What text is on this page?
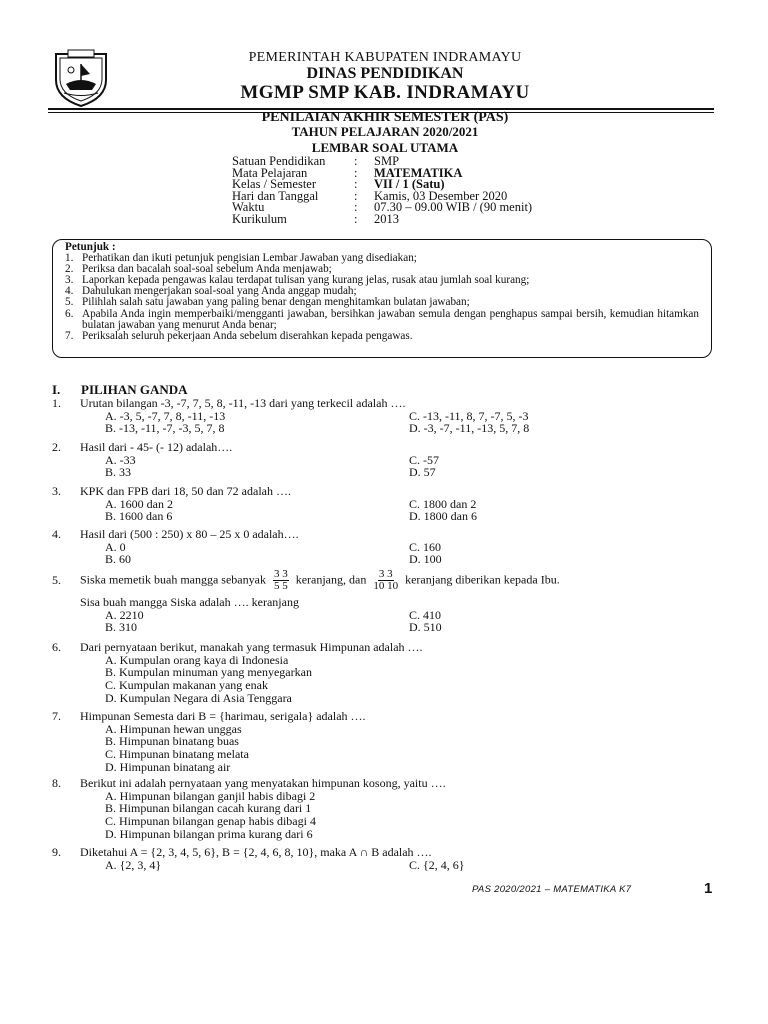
PEMERINTAH KABUPATEN INDRAMAYU
DINAS PENDIDIKAN
MGMP SMP KAB. INDRAMAYU
PENILAIAN AKHIR SEMESTER (PAS)
TAHUN PELAJARAN 2020/2021
LEMBAR SOAL UTAMA
Satuan Pendidikan	:	SMP
Mata Pelajaran	:	MATEMATIKA
Kelas / Semester	:	VII / 1 (Satu)
Hari dan Tanggal	:	Kamis, 03 Desember 2020
Waktu	:	07.30 – 09.00 WIB / (90 menit)
Kurikulum	:	2013
Petunjuk :
1. Perhatikan dan ikuti petunjuk pengisian Lembar Jawaban yang disediakan;
2. Periksa dan bacalah soal-soal sebelum Anda menjawab;
3. Laporkan kepada pengawas kalau terdapat tulisan yang kurang jelas, rusak atau jumlah soal kurang;
4. Dahulukan mengerjakan soal-soal yang Anda anggap mudah;
5. Pilihlah salah satu jawaban yang paling benar dengan menghitamkan bulatan jawaban;
6. Apabila Anda ingin memperbaiki/mengganti jawaban, bersihkan jawaban semula dengan penghapus sampai bersih, kemudian hitamkan bulatan jawaban yang menurut Anda benar;
7. Periksalah seluruh pekerjaan Anda sebelum diserahkan kepada pengawas.
I. PILIHAN GANDA
1.	Urutan bilangan -3, -7, 7, 5, 8, -11, -13 dari yang terkecil adalah ….
A. -3, 5, -7, 7, 8, -11, -13	C. -13, -11, 8, 7, -7, 5, -3
B. -13, -11, -7, -3, 5, 7, 8	D. -3, -7, -11, -13, 5, 7, 8
2.	Hasil dari - 45- (- 12) adalah….
A. -33	C. -57
B. 33	D. 57
3.	KPK dan FPB dari 18, 50 dan 72 adalah ….
A. 1600 dan 2	C. 1800 dan 2
B. 1600 dan 6	D. 1800 dan 6
4.	Hasil dari (500 : 250) x 80 – 25 x 0 adalah….
A. 0	C. 160
B. 60	D. 100
5.	Siska memetik buah mangga sebanyak $\frac{3 3}{5 5}$ keranjang, dan $\frac{3 3}{10 10}$ keranjang diberikan kepada Ibu.
Sisa buah mangga Siska adalah …. keranjang
A. 2210	C. 410
B. 310	D. 510
6.	Dari pernyataan berikut, manakah yang termasuk Himpunan adalah ….
A. Kumpulan orang kaya di Indonesia
B. Kumpulan minuman yang menyegarkan
C. Kumpulan makanan yang enak
D. Kumpulan Negara di Asia Tenggara
7.	Himpunan Semesta dari B = {harimau, serigala} adalah ….
A. Himpunan hewan unggas
B. Himpunan binatang buas
C. Himpunan binatang melata
D. Himpunan binatang air
8.	Berikut ini adalah pernyataan yang menyatakan himpunan kosong, yaitu ….
A. Himpunan bilangan ganjil habis dibagi 2
B. Himpunan bilangan cacah kurang dari 1
C. Himpunan bilangan genap habis dibagi 4
D. Himpunan bilangan prima kurang dari 6
9.	Diketahui A = {2, 3, 4, 5, 6}, B = {2, 4, 6, 8, 10}, maka A ∩ B adalah ….
A. {2, 3, 4}	C. {2, 4, 6}
PAS 2020/2021 – MATEMATIKA K7	1
